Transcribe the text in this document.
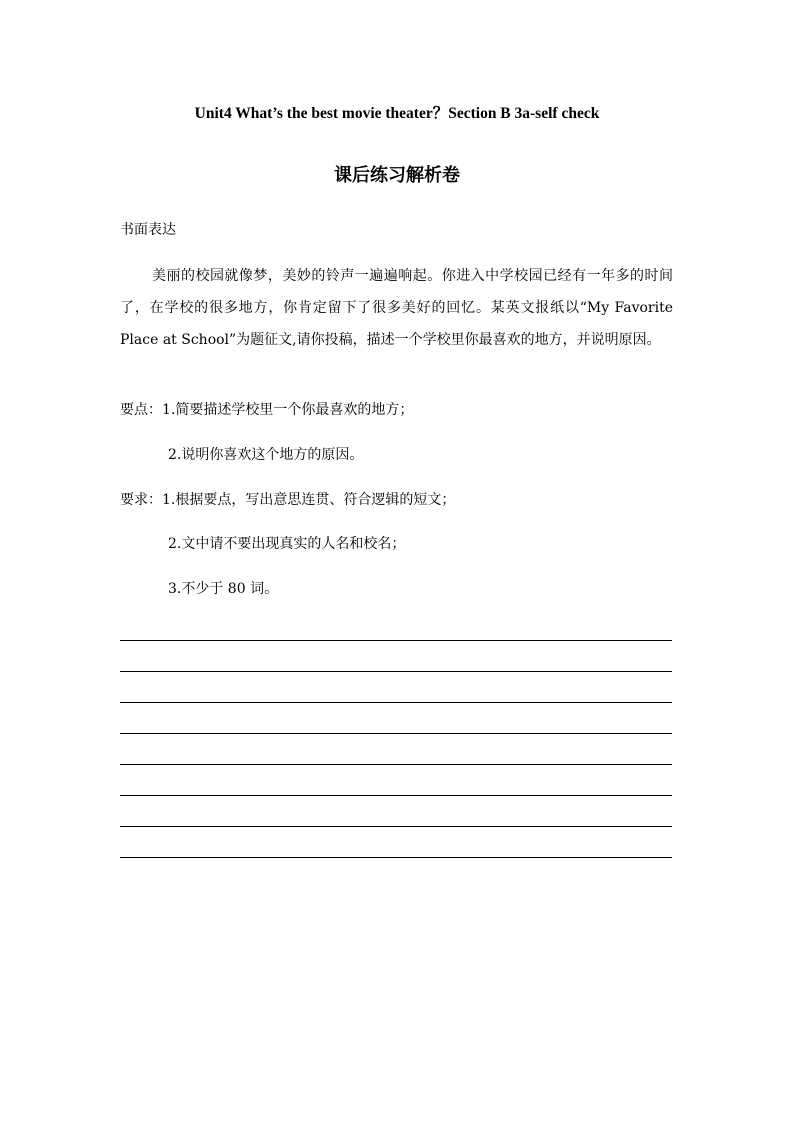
Unit4 What’s the best movie theater？Section B 3a-self check
课后练习解析卷
书面表达
美丽的校园就像梦，美妙的铃声一遍遍响起。你进入中学校园已经有一年多的时间了，在学校的很多地方，你肯定留下了很多美好的回忆。某英文报纸以“My Favorite Place at School”为题征文,请你投稿，描述一个学校里你最喜欢的地方，并说明原因。
要点：1.简要描述学校里一个你最喜欢的地方；
2.说明你喜欢这个地方的原因。
要求：1.根据要点，写出意思连贯、符合逻辑的短文；
2.文中请不要出现真实的人名和校名；
3.不少于 80 词。
